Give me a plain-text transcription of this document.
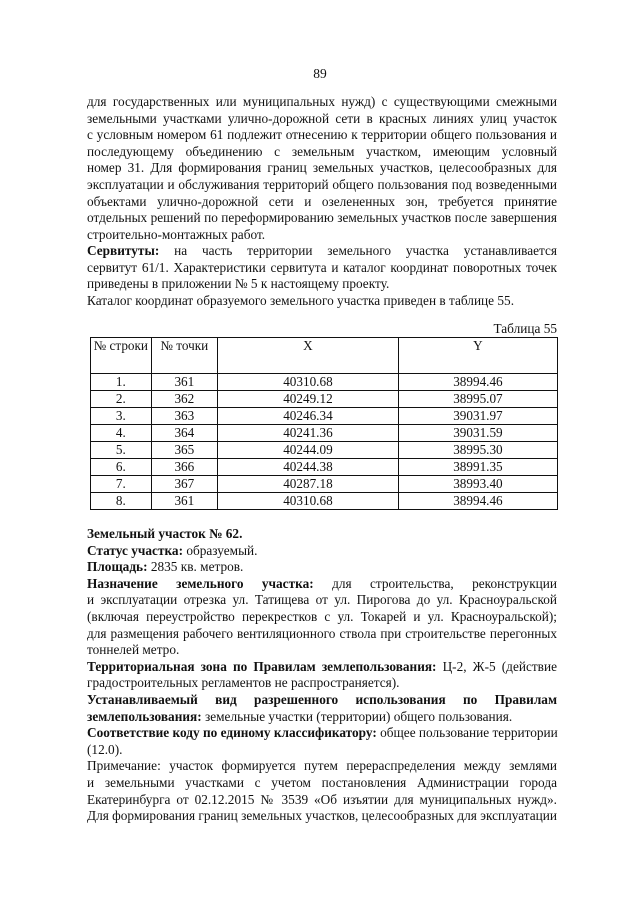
89
для государственных или муниципальных нужд) с существующими смежными
земельными участками улично-дорожной сети в красных линиях улиц участок
с условным номером 61 подлежит отнесению к территории общего пользования и
последующему объединению с земельным участком, имеющим условный
номер 31. Для формирования границ земельных участков, целесообразных для
эксплуатации и обслуживания территорий общего пользования под возведенными
объектами улично-дорожной сети и озелененных зон, требуется принятие
отдельных решений по переформированию земельных участков после завершения
строительно-монтажных работ.
Сервитуты: на часть территории земельного участка устанавливается
сервитут 61/1. Характеристики сервитута и каталог координат поворотных точек
приведены в приложении № 5 к настоящему проекту.
Каталог координат образуемого земельного участка приведен в таблице 55.
Таблица 55
№ строки	№ точки	X	Y
1.	361	40310.68	38994.46
2.	362	40249.12	38995.07
3.	363	40246.34	39031.97
4.	364	40241.36	39031.59
5.	365	40244.09	38995.30
6.	366	40244.38	38991.35
7.	367	40287.18	38993.40
8.	361	40310.68	38994.46
Земельный участок № 62.
Статус участка: образуемый.
Площадь: 2835 кв. метров.
Назначение земельного участка: для строительства, реконструкции
и эксплуатации отрезка ул. Татищева от ул. Пирогова до ул. Красноуральской
(включая переустройство перекрестков с ул. Токарей и ул. Красноуральской);
для размещения рабочего вентиляционного ствола при строительстве перегонных
тоннелей метро.
Территориальная зона по Правилам землепользования: Ц-2, Ж-5 (действие
градостроительных регламентов не распространяется).
Устанавливаемый вид разрешенного использования по Правилам
землепользования: земельные участки (территории) общего пользования.
Соответствие коду по единому классификатору: общее пользование территории
(12.0).
Примечание: участок формируется путем перераспределения между землями
и земельными участками с учетом постановления Администрации города
Екатеринбурга от 02.12.2015 № 3539 «Об изъятии для муниципальных нужд».
Для формирования границ земельных участков, целесообразных для эксплуатации
